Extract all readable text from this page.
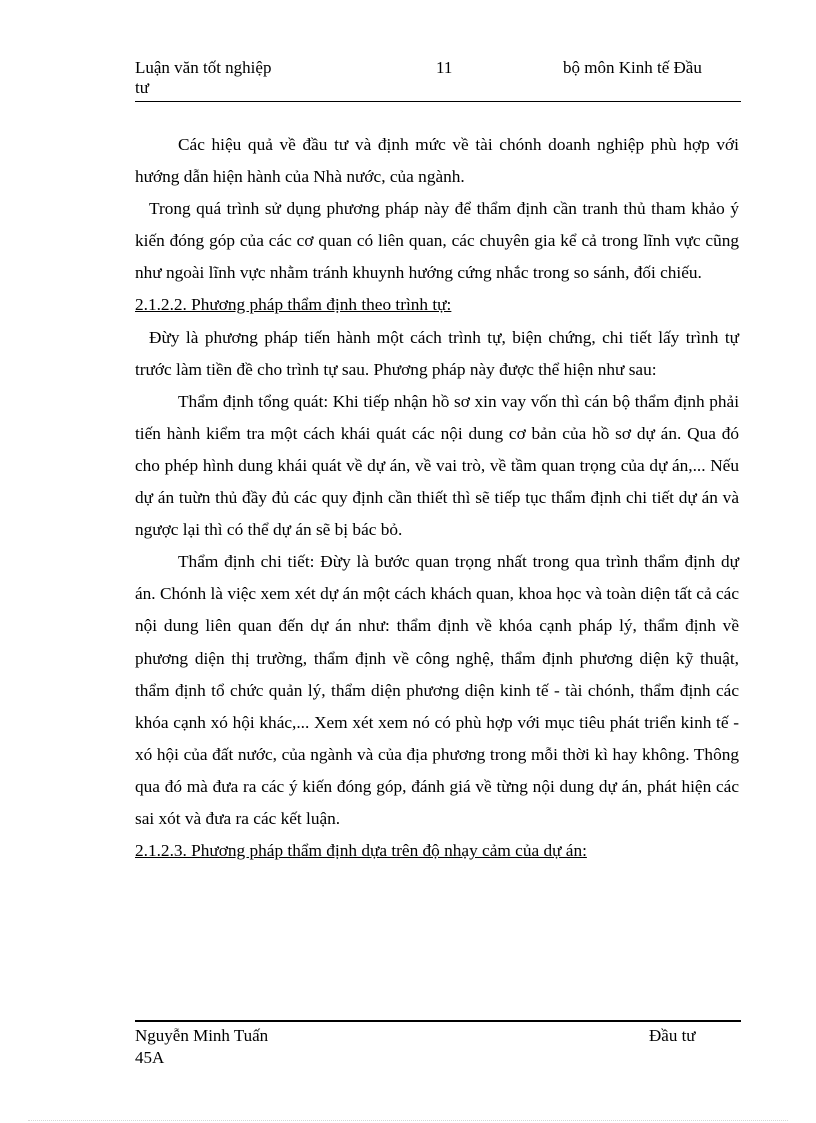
Luận văn tốt nghiệp
tư
11	bộ môn Kinh tế Đầu

Các hiệu quả về đầu tư và định mức về tài chónh doanh nghiệp phù hợp với hướng dẫn hiện hành của Nhà nước, của ngành.

Trong quá trình sử dụng phương pháp này để thẩm định cần tranh thủ tham khảo ý kiến đóng góp của các cơ quan có liên quan, các chuyên gia kể cả trong lĩnh vực cũng như ngoài lĩnh vực nhằm tránh khuynh hướng cứng nhắc trong so sánh, đối chiếu.

2.1.2.2. Phương pháp thẩm định theo trình tự:

Đừy là phương pháp tiến hành một cách trình tự, biện chứng, chi tiết lấy trình tự trước làm tiền đề cho trình tự sau. Phương pháp này được thể hiện như sau:

Thẩm định tổng quát: Khi tiếp nhận hồ sơ xin vay vốn thì cán bộ thẩm định phải tiến hành kiểm tra một cách khái quát các nội dung cơ bản của hồ sơ dự án. Qua đó cho phép hình dung khái quát về dự án, về vai trò, về tầm quan trọng của dự án,... Nếu dự án tuừn thủ đầy đủ các quy định cần thiết thì sẽ tiếp tục thẩm định chi tiết dự án và ngược lại thì có thể dự án sẽ bị bác bỏ.

Thẩm định chi tiết: Đừy là bước quan trọng nhất trong qua trình thẩm định dự án. Chónh là việc xem xét dự án một cách khách quan, khoa học và toàn diện tất cả các nội dung liên quan đến dự án như: thẩm định về khóa cạnh pháp lý, thẩm định về phương diện thị trường, thẩm định về công nghệ, thẩm định phương diện kỹ thuật, thẩm định tổ chức quản lý, thẩm diện phương diện kinh tế - tài chónh, thẩm định các khóa cạnh xó hội khác,... Xem xét xem nó có phù hợp với mục tiêu phát triển kinh tế - xó hội của đất nước, của ngành và của địa phương trong mỗi thời kì hay không. Thông qua đó mà đưa ra các ý kiến đóng góp, đánh giá về từng nội dung dự án, phát hiện các sai xót và đưa ra các kết luận.

2.1.2.3. Phương pháp thẩm định dựa trên độ nhạy cảm của dự án:

Nguyễn Minh Tuấn
45A
Đầu tư
